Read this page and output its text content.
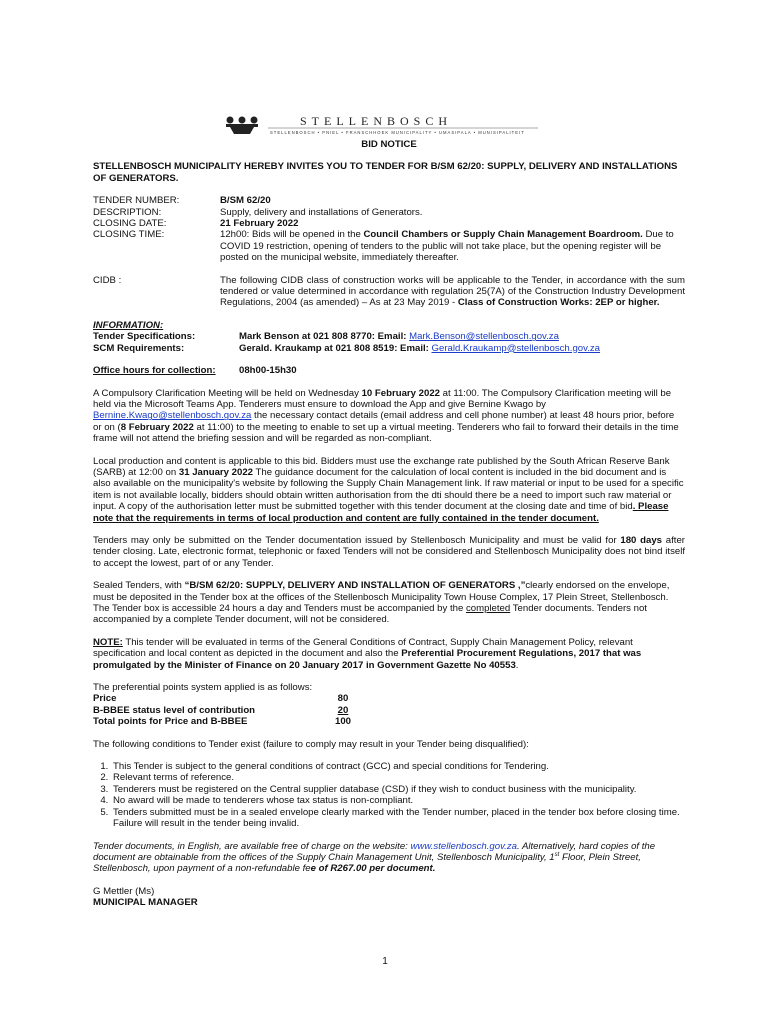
STELLENBOSCH
STELLENBOSCH • PNIEL • FRANSCHHOEK MUNICIPALITY • UMASIPALA • MUNISIPALITEIT

BID NOTICE

STELLENBOSCH MUNICIPALITY HEREBY INVITES YOU TO TENDER FOR B/SM 62/20: SUPPLY, DELIVERY AND INSTALLATIONS OF GENERATORS.

TENDER NUMBER:	B/SM 62/20
DESCRIPTION:	Supply, delivery and installations of Generators.
CLOSING DATE:	21 February 2022
CLOSING TIME:	12h00: Bids will be opened in the Council Chambers or Supply Chain Management Boardroom. Due to COVID 19 restriction, opening of tenders to the public will not take place, but the opening register will be posted on the municipal website, immediately thereafter.
CIDB :	The following CIDB class of construction works will be applicable to the Tender, in accordance with the sum tendered or value determined in accordance with regulation 25(7A) of the Construction Industry Development Regulations, 2004 (as amended) – As at 23 May 2019 - Class of Construction Works: 2EP or higher.

INFORMATION:

Tender Specifications:	Mark Benson at 021 808 8770: Email: Mark.Benson@stellenbosch.gov.za
SCM Requirements:	Gerald. Kraukamp at 021 808 8519: Email: Gerald.Kraukamp@stellenbosch.gov.za
Office hours for collection:	08h00-15h30

A Compulsory Clarification Meeting will be held on Wednesday 10 February 2022 at 11:00. The Compulsory Clarification meeting will be held via the Microsoft Teams App. Tenderers must ensure to download the App and give Bernine Kwago by Bernine.Kwago@stellenbosch.gov.za the necessary contact details (email address and cell phone number) at least 48 hours prior, before or on (8 February 2022 at 11:00) to the meeting to enable to set up a virtual meeting. Tenderers who fail to forward their details in the time frame will not attend the briefing session and will be regarded as non-compliant.

Local production and content is applicable to this bid. Bidders must use the exchange rate published by the South African Reserve Bank (SARB) at 12:00 on 31 January 2022 The guidance document for the calculation of local content is included in the bid document and is also available on the municipality's website by following the Supply Chain Management link. If raw material or input to be used for a specific item is not available locally, bidders should obtain written authorisation from the dti should there be a need to import such raw material or input. A copy of the authorisation letter must be submitted together with this tender document at the closing date and time of bid. Please note that the requirements in terms of local production and content are fully contained in the tender document.

Tenders may only be submitted on the Tender documentation issued by Stellenbosch Municipality and must be valid for 180 days after tender closing. Late, electronic format, telephonic or faxed Tenders will not be considered and Stellenbosch Municipality does not bind itself to accept the lowest, part of or any Tender.

Sealed Tenders, with “B/SM 62/20: SUPPLY, DELIVERY AND INSTALLATION OF GENERATORS ,”clearly endorsed on the envelope, must be deposited in the Tender box at the offices of the Stellenbosch Municipality Town House Complex, 17 Plein Street, Stellenbosch. The Tender box is accessible 24 hours a day and Tenders must be accompanied by the completed Tender documents. Tenders not accompanied by a complete Tender document, will not be considered.

NOTE: This tender will be evaluated in terms of the General Conditions of Contract, Supply Chain Management Policy, relevant specification and local content as depicted in the document and also the Preferential Procurement Regulations, 2017 that was promulgated by the Minister of Finance on 20 January 2017 in Government Gazette No 40553.

The preferential points system applied is as follows:

Price	80
B-BBEE status level of contribution	20
Total points for Price and B-BBEE	100

The following conditions to Tender exist (failure to comply may result in your Tender being disqualified):

1. This Tender is subject to the general conditions of contract (GCC) and special conditions for Tendering.
2. Relevant terms of reference.
3. Tenderers must be registered on the Central supplier database (CSD) if they wish to conduct business with the municipality.
4. No award will be made to tenderers whose tax status is non-compliant.
5. Tenders submitted must be in a sealed envelope clearly marked with the Tender number, placed in the tender box before closing time. Failure will result in the tender being invalid.

Tender documents, in English, are available free of charge on the website: www.stellenbosch.gov.za. Alternatively, hard copies of the document are obtainable from the offices of the Supply Chain Management Unit, Stellenbosch Municipality, 1st Floor, Plein Street, Stellenbosch, upon payment of a non-refundable fee of R267.00 per document.

G Mettler (Ms)

MUNICIPAL MANAGER

1
